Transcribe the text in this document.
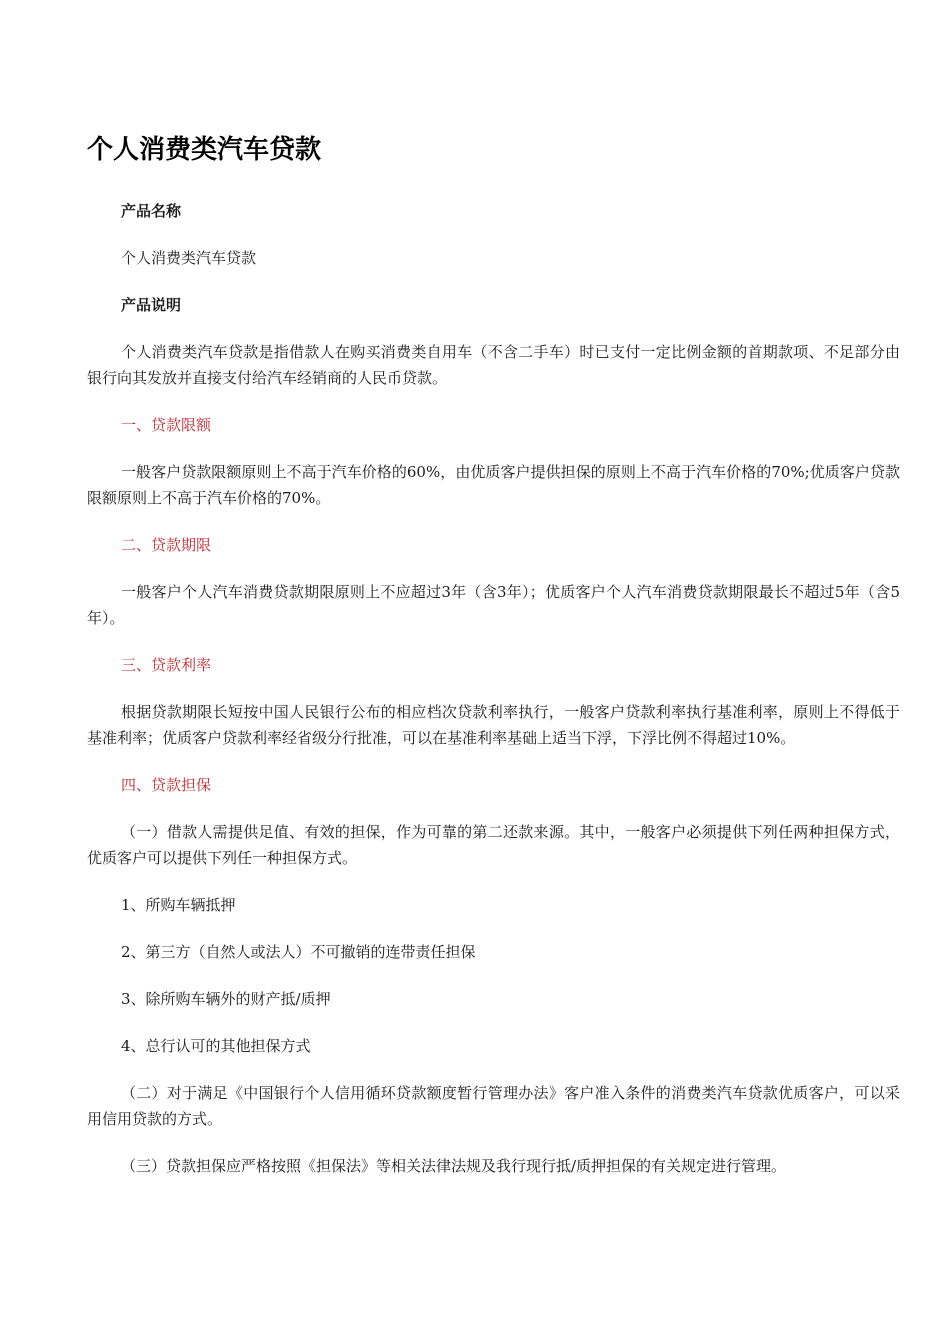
个人消费类汽车贷款
产品名称
个人消费类汽车贷款
产品说明
个人消费类汽车贷款是指借款人在购买消费类自用车（不含二手车）时已支付一定比例金额的首期款项、不足部分由银行向其发放并直接支付给汽车经销商的人民币贷款。
一、贷款限额
一般客户贷款限额原则上不高于汽车价格的60%，由优质客户提供担保的原则上不高于汽车价格的70%;优质客户贷款限额原则上不高于汽车价格的70%。
二、贷款期限
一般客户个人汽车消费贷款期限原则上不应超过3年（含3年）；优质客户个人汽车消费贷款期限最长不超过5年（含5年）。
三、贷款利率
根据贷款期限长短按中国人民银行公布的相应档次贷款利率执行，一般客户贷款利率执行基准利率，原则上不得低于基准利率；优质客户贷款利率经省级分行批准，可以在基准利率基础上适当下浮，下浮比例不得超过10%。
四、贷款担保
（一）借款人需提供足值、有效的担保，作为可靠的第二还款来源。其中，一般客户必须提供下列任两种担保方式，优质客户可以提供下列任一种担保方式。
1、所购车辆抵押
2、第三方（自然人或法人）不可撤销的连带责任担保
3、除所购车辆外的财产抵/质押
4、总行认可的其他担保方式
（二）对于满足《中国银行个人信用循环贷款额度暂行管理办法》客户准入条件的消费类汽车贷款优质客户，可以采用信用贷款的方式。
（三）贷款担保应严格按照《担保法》等相关法律法规及我行现行抵/质押担保的有关规定进行管理。
